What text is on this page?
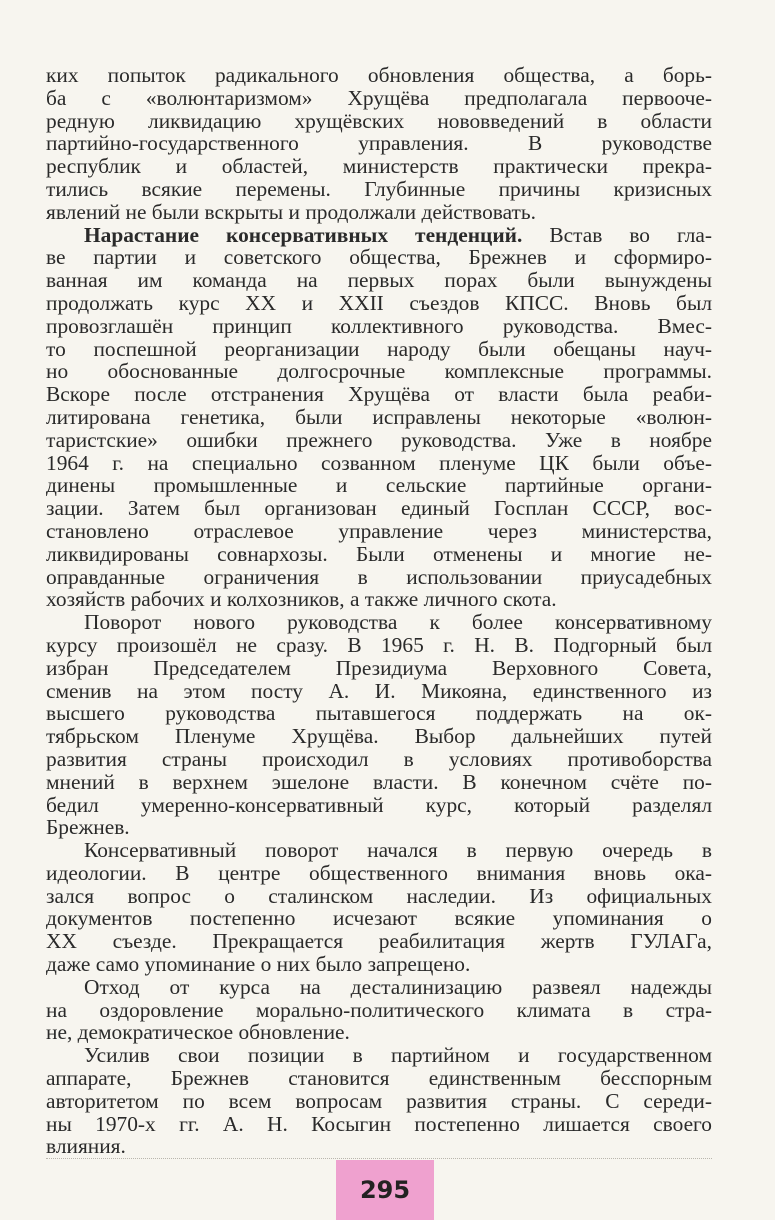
ких попыток радикального обновления общества, а борь-
ба с «волюнтаризмом» Хрущёва предполагала первооче-
редную ликвидацию хрущёвских нововведений в области
партийно-государственного управления. В руководстве
республик и областей, министерств практически прекра-
тились всякие перемены. Глубинные причины кризисных
явлений не были вскрыты и продолжали действовать.
Нарастание консервативных тенденций. Встав во гла-
ве партии и советского общества, Брежнев и сформиро-
ванная им команда на первых порах были вынуждены
продолжать курс XX и XXII съездов КПСС. Вновь был
провозглашён принцип коллективного руководства. Вмес-
то поспешной реорганизации народу были обещаны науч-
но обоснованные долгосрочные комплексные программы.
Вскоре после отстранения Хрущёва от власти была реаби-
литирована генетика, были исправлены некоторые «волюн-
таристские» ошибки прежнего руководства. Уже в ноябре
1964 г. на специально созванном пленуме ЦК были объе-
динены промышленные и сельские партийные органи-
зации. Затем был организован единый Госплан СССР, вос-
становлено отраслевое управление через министерства,
ликвидированы совнархозы. Были отменены и многие не-
оправданные ограничения в использовании приусадебных
хозяйств рабочих и колхозников, а также личного скота.
Поворот нового руководства к более консервативному
курсу произошёл не сразу. В 1965 г. Н. В. Подгорный был
избран Председателем Президиума Верховного Совета,
сменив на этом посту А. И. Микояна, единственного из
высшего руководства пытавшегося поддержать на ок-
тябрьском Пленуме Хрущёва. Выбор дальнейших путей
развития страны происходил в условиях противоборства
мнений в верхнем эшелоне власти. В конечном счёте по-
бедил умеренно-консервативный курс, который разделял
Брежнев.
Консервативный поворот начался в первую очередь в
идеологии. В центре общественного внимания вновь ока-
зался вопрос о сталинском наследии. Из официальных
документов постепенно исчезают всякие упоминания о
XX съезде. Прекращается реабилитация жертв ГУЛАГа,
даже само упоминание о них было запрещено.
Отход от курса на десталинизацию развеял надежды
на оздоровление морально-политического климата в стра-
не, демократическое обновление.
Усилив свои позиции в партийном и государственном
аппарате, Брежнев становится единственным бесспорным
авторитетом по всем вопросам развития страны. С середи-
ны 1970-х гг. А. Н. Косыгин постепенно лишается своего
влияния.
295
